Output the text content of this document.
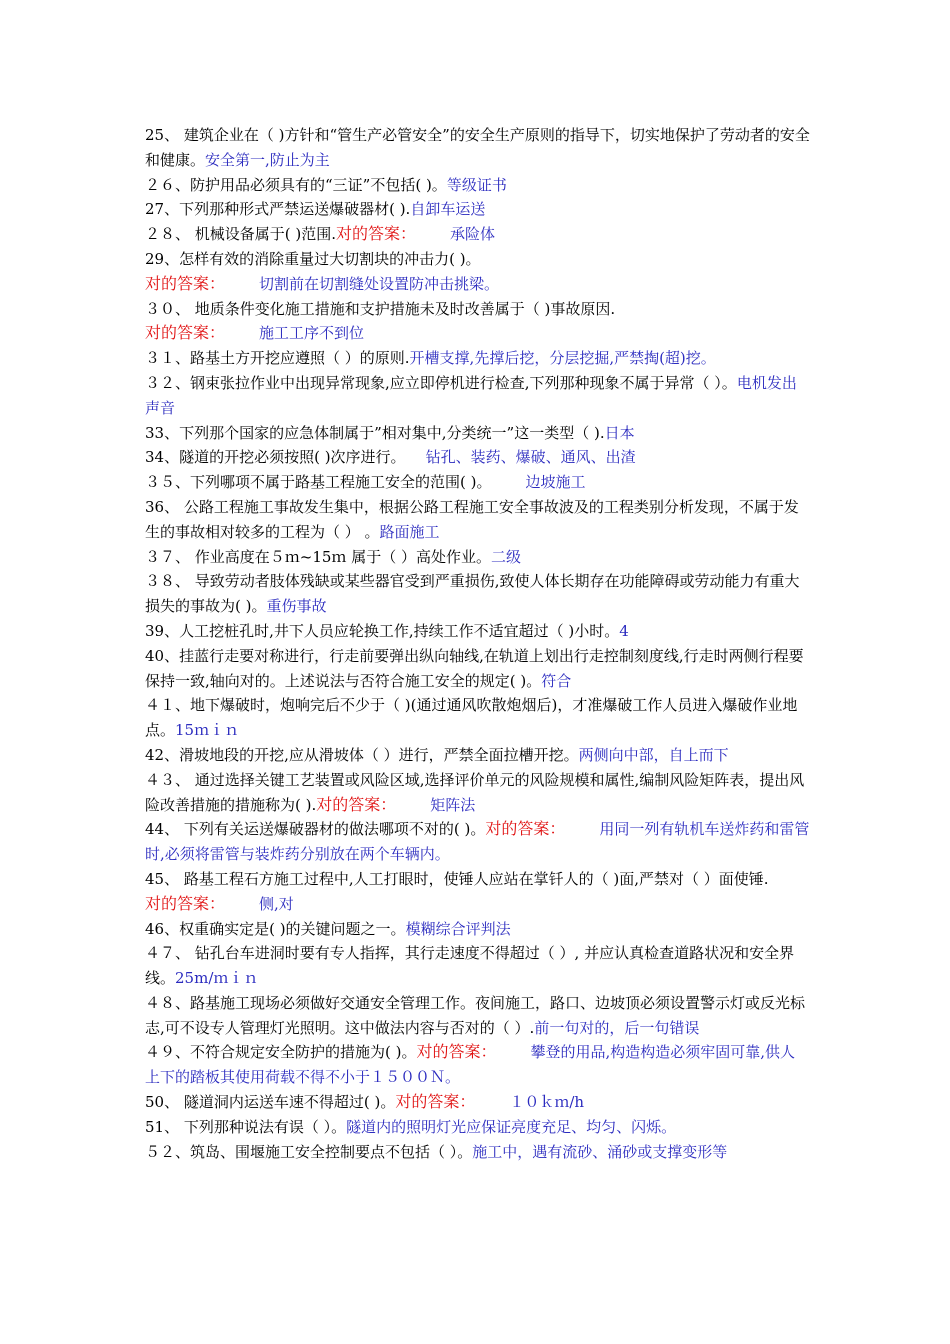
25、 建筑企业在（ )方针和“管生产必管安全”的安全生产原则的指导下，切实地保护了劳动者的安全和健康。安全第一,防止为主

２６、防护用品必须具有的“三证”不包括( )。等级证书

27、下列那种形式严禁运送爆破器材( ).自卸车运送

２８、 机械设备属于( )范围.对的答案： 承险体

29、怎样有效的消除重量过大切割块的冲击力( )。

对的答案： 切割前在切割缝处设置防冲击挑梁。

３０、 地质条件变化施工措施和支护措施未及时改善属于（ )事故原因.

对的答案： 施工工序不到位

３１、路基土方开挖应遵照（ ）的原则.开槽支撑,先撑后挖，分层挖掘,严禁掏(超)挖。

３２、钢束张拉作业中出现异常现象,应立即停机进行检查,下列那种现象不属于异常（ ）。电机发出声音

33、下列那个国家的应急体制属于”相对集中,分类统一”这一类型（ ).日本

34、隧道的开挖必须按照( )次序进行。 钻孔、装药、爆破、通风、出渣

３５、下列哪项不属于路基工程施工安全的范围( )。 边坡施工

36、 公路工程施工事故发生集中，根据公路工程施工安全事故波及的工程类别分析发现，不属于发生的事故相对较多的工程为（ ） 。路面施工

３７、 作业高度在５ｍ~15ｍ 属于（ ）高处作业。二级

３８、 导致劳动者肢体残缺或某些器官受到严重损伤,致使人体长期存在功能障碍或劳动能力有重大损失的事故为( )。重伤事故

39、人工挖桩孔时,井下人员应轮换工作,持续工作不适宜超过（ )小时。4

40、挂蓝行走要对称进行，行走前要弹出纵向轴线,在轨道上划出行走控制刻度线,行走时两侧行程要保持一致,轴向对的。上述说法与否符合施工安全的规定( )。符合

４１、地下爆破时，炮响完后不少于（ )(通过通风吹散炮烟后)，才准爆破工作人员进入爆破作业地点。15ｍｉｎ

42、滑坡地段的开挖,应从滑坡体（ ）进行，严禁全面拉槽开挖。两侧向中部，自上而下

４３、 通过选择关键工艺装置或风险区域,选择评价单元的风险规模和属性,编制风险矩阵表，提出风险改善措施的措施称为( ).对的答案： 矩阵法

44、 下列有关运送爆破器材的做法哪项不对的( )。对的答案： 用同一列有轨机车送炸药和雷管时,必须将雷管与装炸药分别放在两个车辆内。

45、 路基工程石方施工过程中,人工打眼时，使锤人应站在掌钎人的（ )面,严禁对（ ）面使锤.

对的答案： 侧,对

46、权重确实定是( )的关键问题之一。模糊综合评判法

４７、 钻孔台车进洞时要有专人指挥，其行走速度不得超过（ ）, 并应认真检查道路状况和安全界线。25m/ｍｉｎ

４８、路基施工现场必须做好交通安全管理工作。夜间施工，路口、边坡顶必须设置警示灯或反光标志,可不设专人管理灯光照明。这中做法内容与否对的（ ）.前一句对的，后一句错误

４９、不符合规定安全防护的措施为( )。对的答案： 攀登的用品,构造构造必须牢固可靠,供人上下的踏板其使用荷载不得不小于１５００Ｎ。

50、 隧道洞内运送车速不得超过( )。对的答案： １０ｋｍ/h

51、 下列那种说法有误（ ）。隧道内的照明灯光应保证亮度充足、均匀、闪烁。

５２、筑岛、围堰施工安全控制要点不包括（ ）。施工中，遇有流砂、涌砂或支撑变形等
